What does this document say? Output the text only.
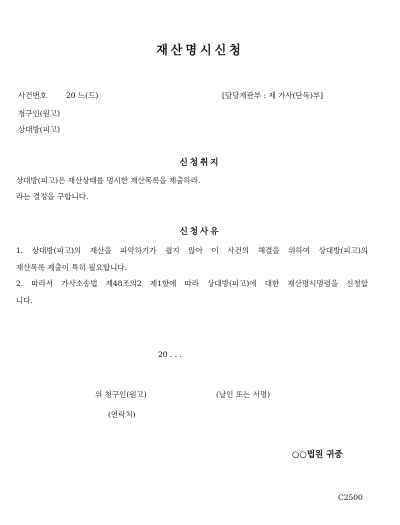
재산명시신청
사건번호	20 느(드)	[담당재판부 : 제 가사(단독)부]
청구인(원고)
상대방(피고)
신청취지
상대방(피고)은 재산상태를 명시한 재산목록을 제출하라.
라는 결정을 구합니다.
신청사유
1. 상대방(피고)의 재산을 파악하기가 쉽지 않아 이 사건의 해결을 위하여 상대방(피고)의
재산목록 제출이 특히 필요합니다.
2. 따라서 가사소송법 제48조의2 제1항에 따라 상대방(피고)에 대한 재산명시명령을 신청합
니다.
20 . . .
위 청구인(원고)	(날인 또는 서명)
(연락처)
○○법원 귀중
C2500
